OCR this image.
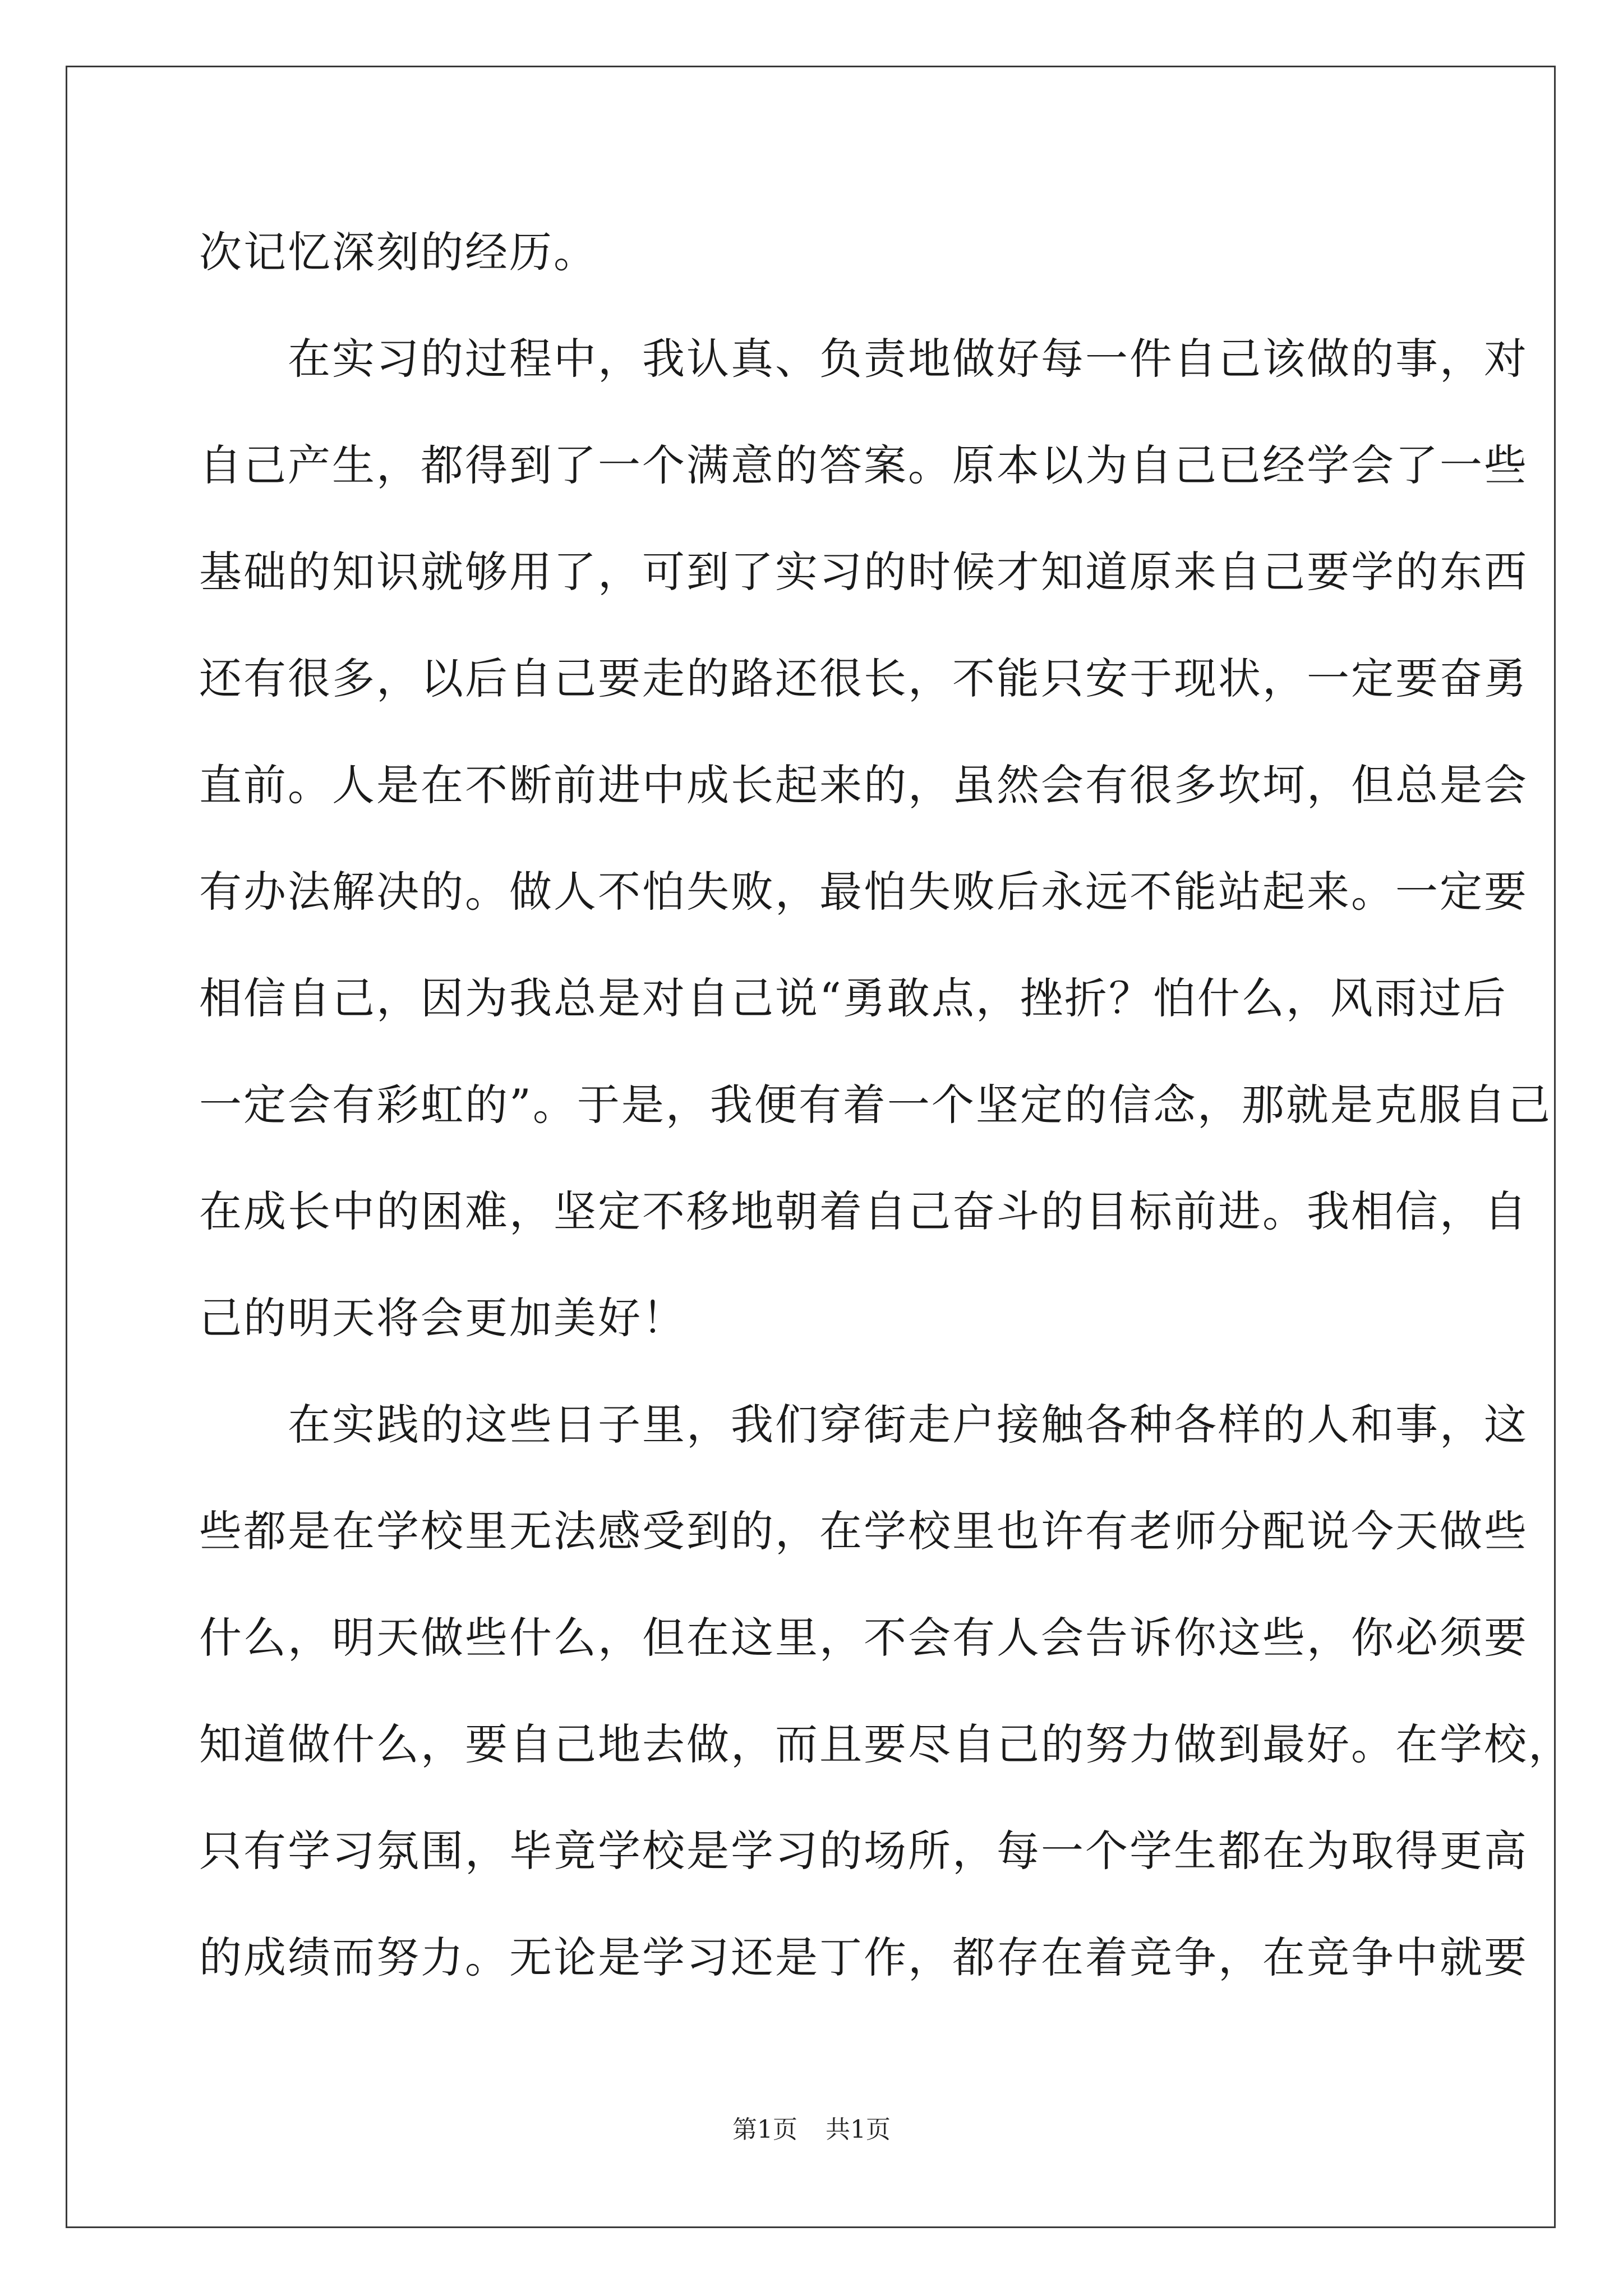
次记忆深刻的经历。
　　在实习的过程中，我认真、负责地做好每一件自己该做的事，对
自己产生，都得到了一个满意的答案。原本以为自己已经学会了一些
基础的知识就够用了，可到了实习的时候才知道原来自己要学的东西
还有很多，以后自己要走的路还很长，不能只安于现状，一定要奋勇
直前。人是在不断前进中成长起来的，虽然会有很多坎坷，但总是会
有办法解决的。做人不怕失败，最怕失败后永远不能站起来。一定要
相信自己，因为我总是对自己说“勇敢点，挫折？怕什么，风雨过后
一定会有彩虹的”。于是，我便有着一个坚定的信念，那就是克服自己
在成长中的困难，坚定不移地朝着自己奋斗的目标前进。我相信，自
己的明天将会更加美好！
　　在实践的这些日子里，我们穿街走户接触各种各样的人和事，这
些都是在学校里无法感受到的，在学校里也许有老师分配说今天做些
什么，明天做些什么，但在这里，不会有人会告诉你这些，你必须要
知道做什么，要自己地去做，而且要尽自己的努力做到最好。在学校，
只有学习氛围，毕竟学校是学习的场所，每一个学生都在为取得更高
的成绩而努力。无论是学习还是丁作，都存在着竞争，在竞争中就要
第1页 共1页
